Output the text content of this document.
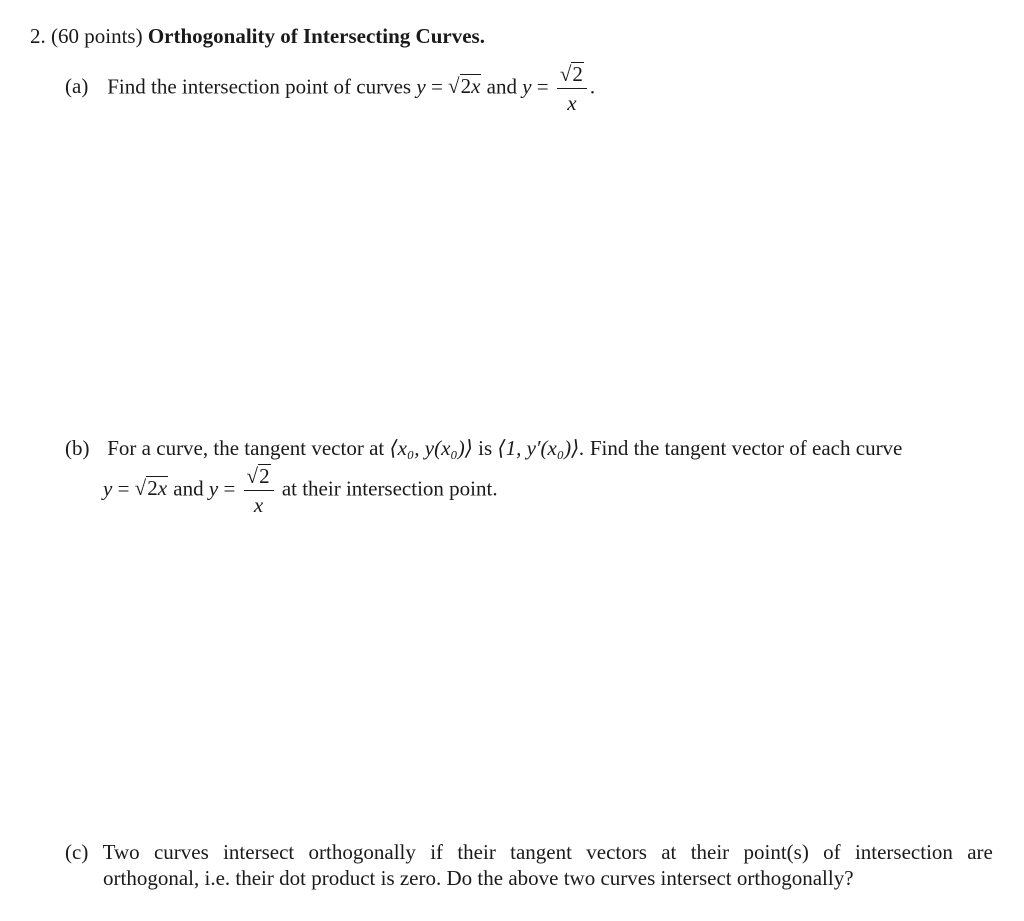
2. (60 points) Orthogonality of Intersecting Curves.
(a) Find the intersection point of curves y = √2x and $y = \frac{√2}{x}$ .
(b) For a curve, the tangent vector at ⟨x₀, y(x₀)⟩ is ⟨1, y′(x₀)⟩. Find the tangent vector of each curve
y = √2x and $y = \frac{√2}{x}$ at their intersection point.
(c) Two curves intersect orthogonally if their tangent vectors at their point(s) of intersection are
orthogonal, i.e. their dot product is zero. Do the above two curves intersect orthogonally?
